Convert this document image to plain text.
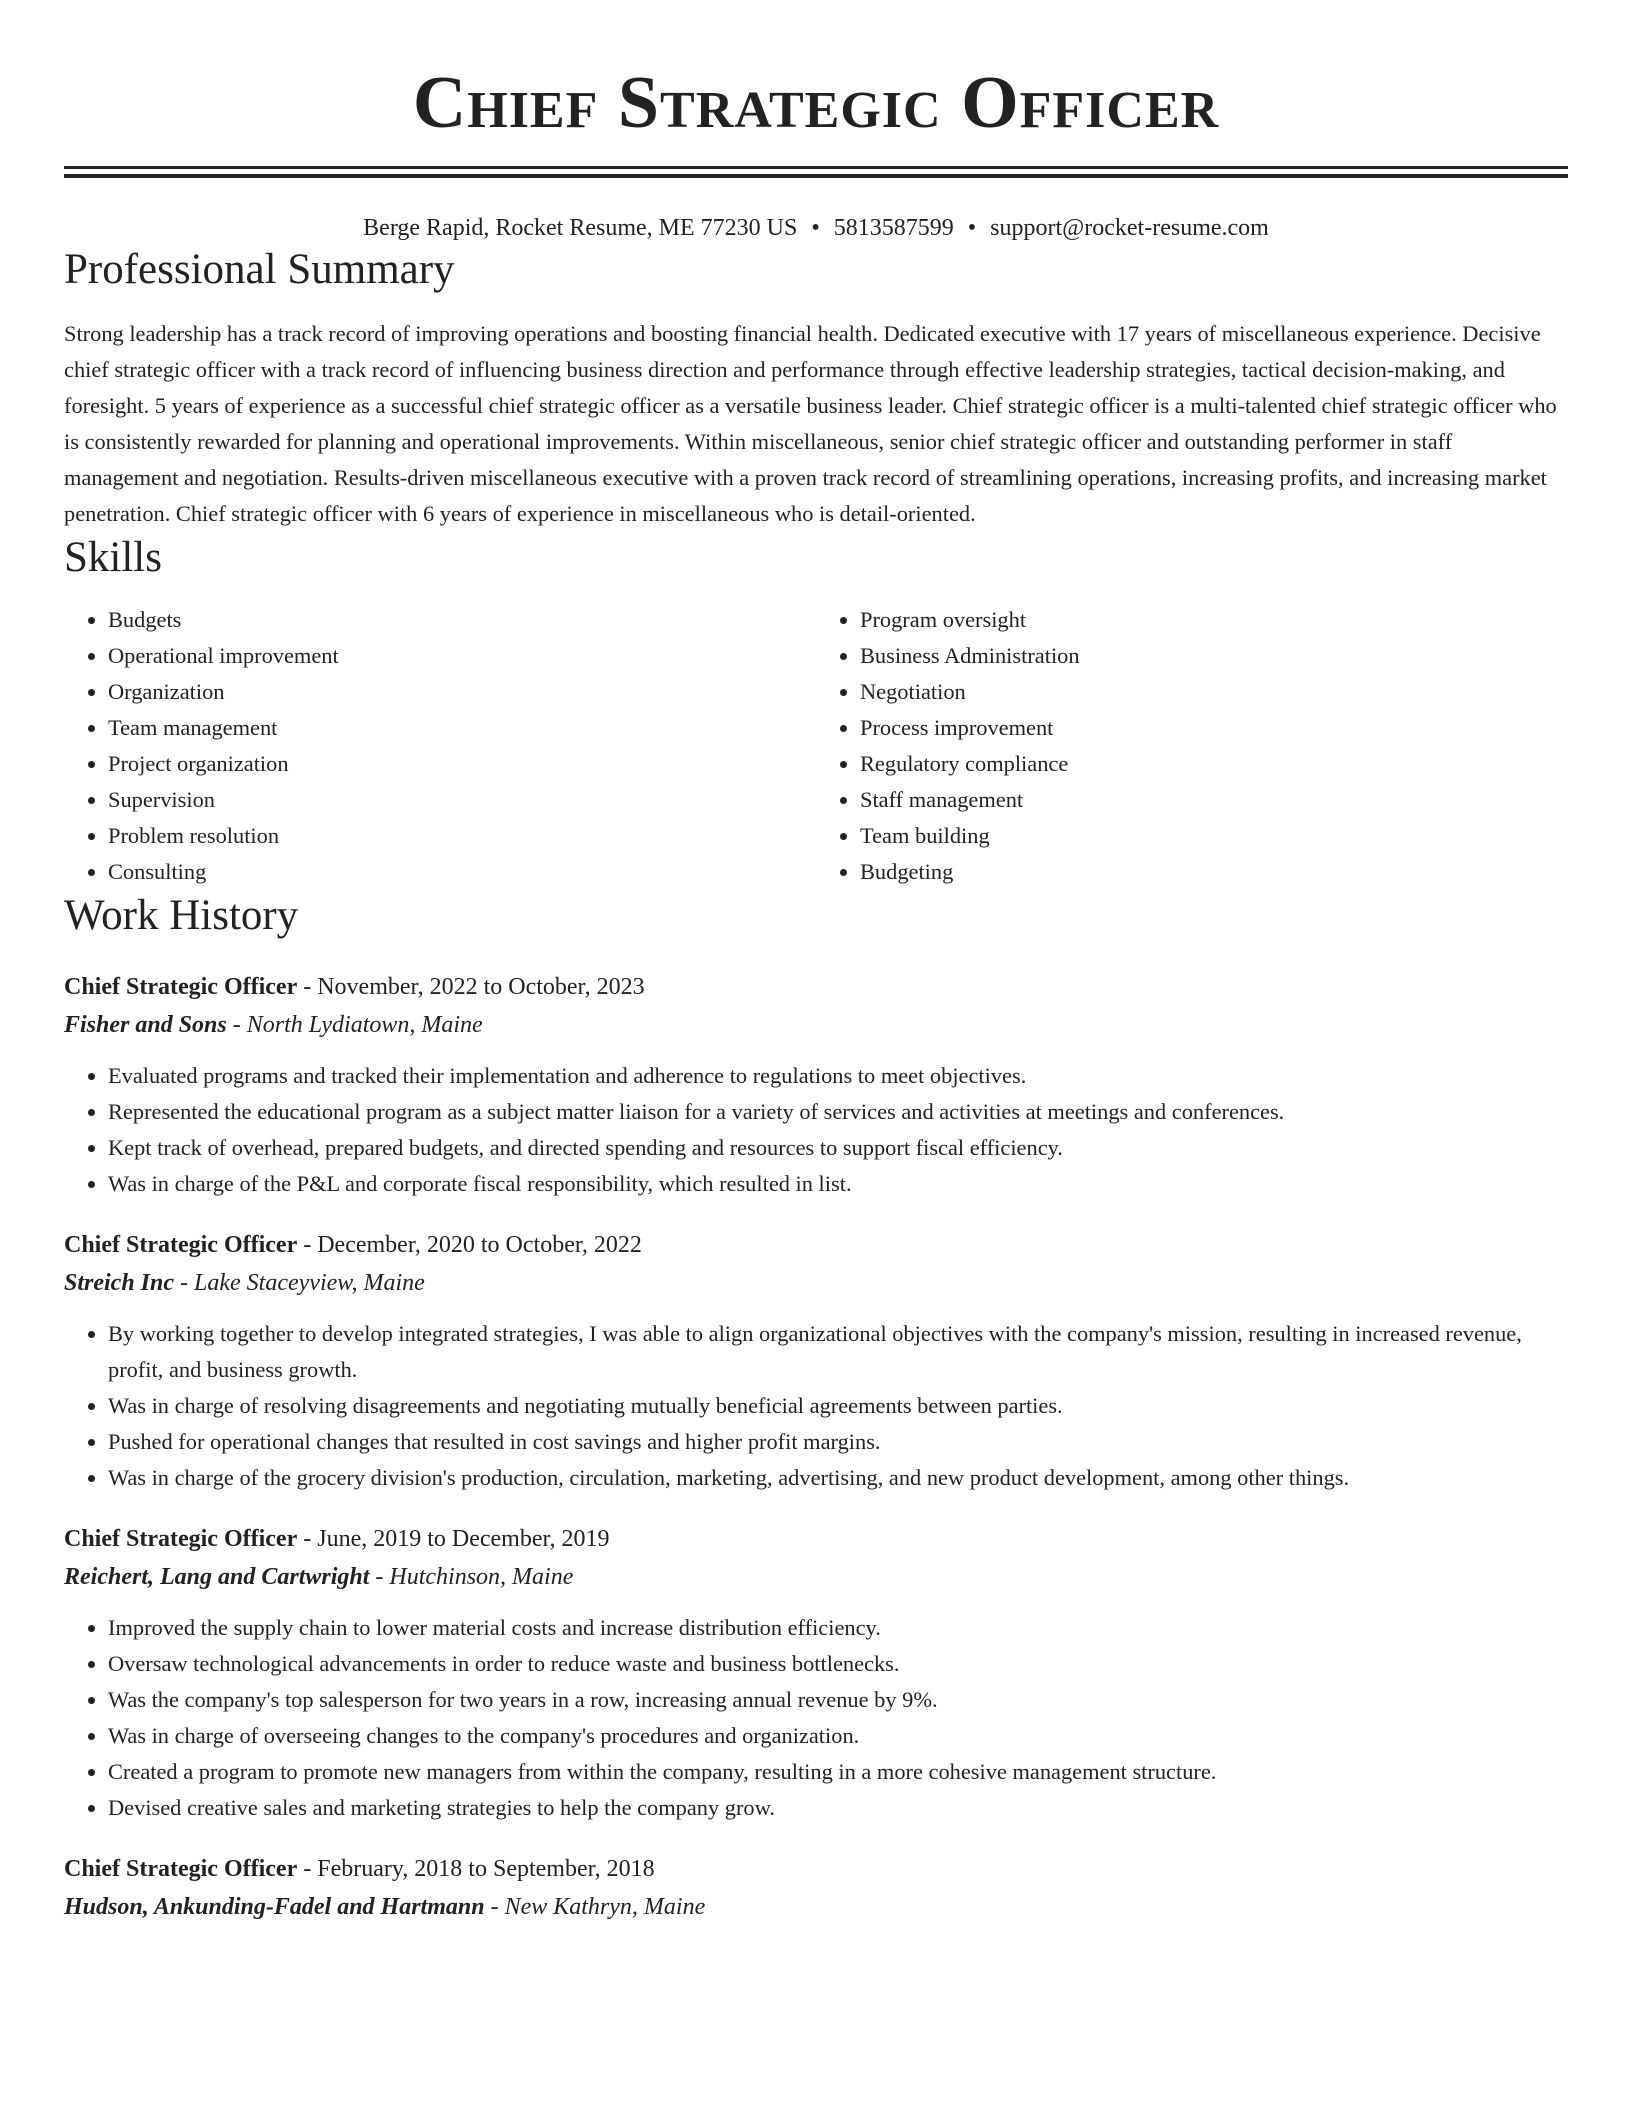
Chief Strategic Officer
Berge Rapid, Rocket Resume, ME 77230 US • 5813587599 • support@rocket-resume.com
Professional Summary

Strong leadership has a track record of improving operations and boosting financial health. Dedicated executive with 17 years of miscellaneous experience. Decisive chief strategic officer with a track record of influencing business direction and performance through effective leadership strategies, tactical decision-making, and foresight. 5 years of experience as a successful chief strategic officer as a versatile business leader. Chief strategic officer is a multi-talented chief strategic officer who is consistently rewarded for planning and operational improvements. Within miscellaneous, senior chief strategic officer and outstanding performer in staff management and negotiation. Results-driven miscellaneous executive with a proven track record of streamlining operations, increasing profits, and increasing market penetration. Chief strategic officer with 6 years of experience in miscellaneous who is detail-oriented.

Skills
• Budgets
• Operational improvement
• Organization
• Team management
• Project organization
• Supervision
• Problem resolution
• Consulting
• Program oversight
• Business Administration
• Negotiation
• Process improvement
• Regulatory compliance
• Staff management
• Team building
• Budgeting
Work History
Chief Strategic Officer - November, 2022 to October, 2023
Fisher and Sons - North Lydiatown, Maine
• Evaluated programs and tracked their implementation and adherence to regulations to meet objectives.
• Represented the educational program as a subject matter liaison for a variety of services and activities at meetings and conferences.
• Kept track of overhead, prepared budgets, and directed spending and resources to support fiscal efficiency.
• Was in charge of the P&L and corporate fiscal responsibility, which resulted in list.
Chief Strategic Officer - December, 2020 to October, 2022
Streich Inc - Lake Staceyview, Maine
• By working together to develop integrated strategies, I was able to align organizational objectives with the company's mission, resulting in increased revenue, profit, and business growth.
• Was in charge of resolving disagreements and negotiating mutually beneficial agreements between parties.
• Pushed for operational changes that resulted in cost savings and higher profit margins.
• Was in charge of the grocery division's production, circulation, marketing, advertising, and new product development, among other things.
Chief Strategic Officer - June, 2019 to December, 2019
Reichert, Lang and Cartwright - Hutchinson, Maine
• Improved the supply chain to lower material costs and increase distribution efficiency.
• Oversaw technological advancements in order to reduce waste and business bottlenecks.
• Was the company's top salesperson for two years in a row, increasing annual revenue by 9%.
• Was in charge of overseeing changes to the company's procedures and organization.
• Created a program to promote new managers from within the company, resulting in a more cohesive management structure.
• Devised creative sales and marketing strategies to help the company grow.
Chief Strategic Officer - February, 2018 to September, 2018
Hudson, Ankunding-Fadel and Hartmann - New Kathryn, Maine
